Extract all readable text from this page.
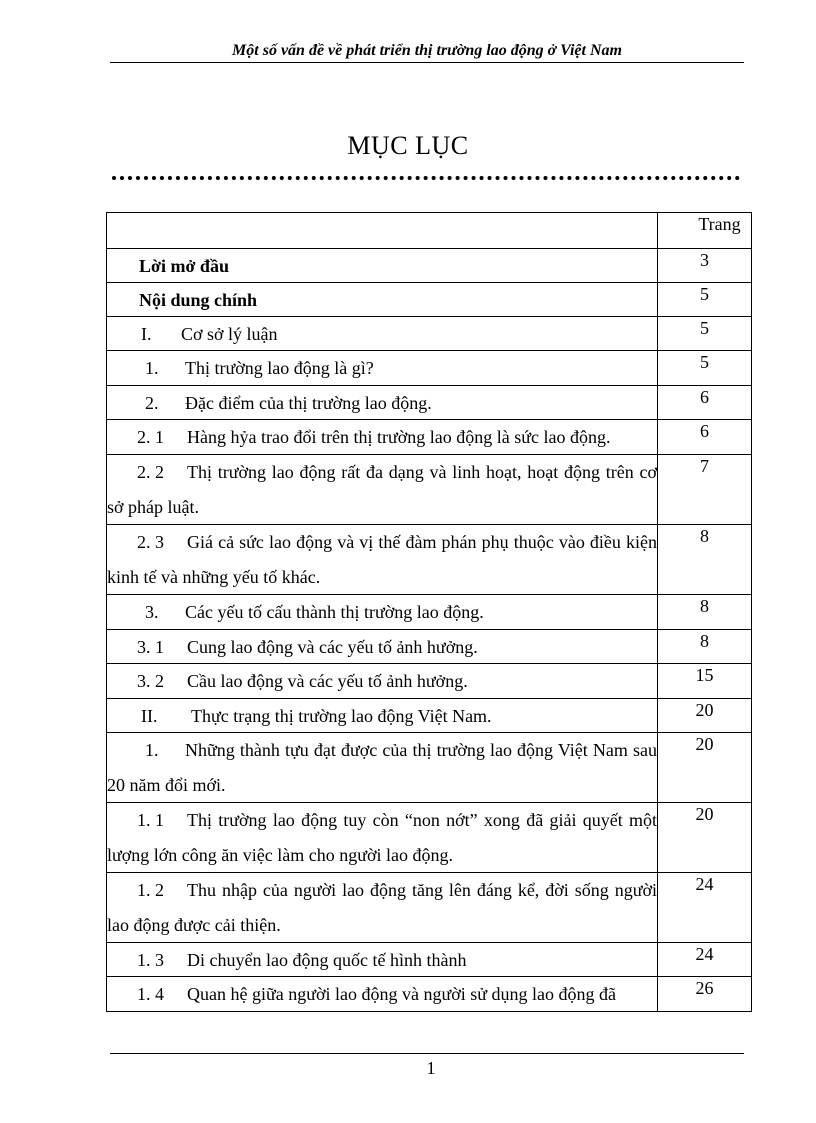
Một số vấn đề về phát triển thị trường lao động ở Việt Nam
MỤC LỤC
	Trang
Lời mở đầu	3
Nội dung chính	5
I. Cơ sở lý luận	5
1. Thị trường lao động là gì?	5
2. Đặc điểm của thị trường lao động.	6
2. 1 Hàng hỷa trao đổi trên thị trường lao động là sức lao động.	6
2. 2 Thị trường lao động rất đa dạng và linh hoạt, hoạt động trên cơ sở pháp luật.	7
2. 3 Giá cả sức lao động và vị thế đàm phán phụ thuộc vào điều kiện kinh tế và những yếu tố khác.	8
3. Các yếu tố cấu thành thị trường lao động.	8
3. 1 Cung lao động và các yếu tố ảnh hưởng.	8
3. 2 Cầu lao động và các yếu tố ảnh hưởng.	15
II. Thực trạng thị trường lao động Việt Nam.	20
1. Những thành tựu đạt được của thị trường lao động Việt Nam sau 20 năm đổi mới.	20
1. 1 Thị trường lao động tuy còn “non nớt” xong đã giải quyết một lượng lớn công ăn việc làm cho người lao động.	20
1. 2 Thu nhập của người lao động tăng lên đáng kể, đời sống người lao động được cải thiện.	24
1. 3 Di chuyển lao động quốc tế hình thành	24
1. 4 Quan hệ giữa người lao động và người sử dụng lao động đã	26
1
